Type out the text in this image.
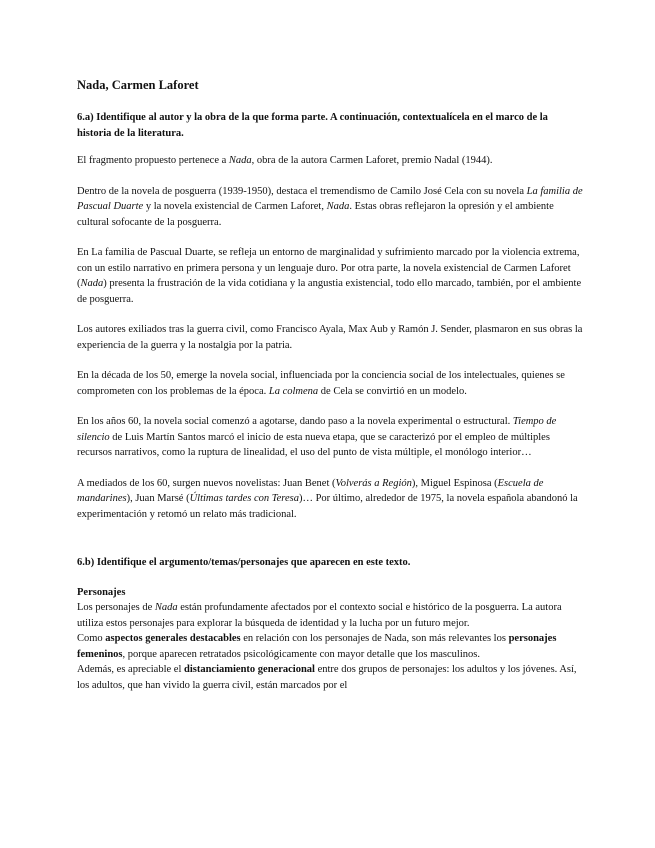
Nada, Carmen Laforet
6.a) Identifique al autor y la obra de la que forma parte. A continuación, contextualícela en el marco de la historia de la literatura.

El fragmento propuesto pertenece a Nada, obra de la autora Carmen Laforet, premio Nadal (1944).

Dentro de la novela de posguerra (1939-1950), destaca el tremendismo de Camilo José Cela con su novela La familia de Pascual Duarte y la novela existencial de Carmen Laforet, Nada. Estas obras reflejaron la opresión y el ambiente cultural sofocante de la posguerra.

En La familia de Pascual Duarte, se refleja un entorno de marginalidad y sufrimiento marcado por la violencia extrema, con un estilo narrativo en primera persona y un lenguaje duro. Por otra parte, la novela existencial de Carmen Laforet (Nada) presenta la frustración de la vida cotidiana y la angustia existencial, todo ello marcado, también, por el ambiente de posguerra.

Los autores exiliados tras la guerra civil, como Francisco Ayala, Max Aub y Ramón J. Sender, plasmaron en sus obras la experiencia de la guerra y la nostalgia por la patria.

En la década de los 50, emerge la novela social, influenciada por la conciencia social de los intelectuales, quienes se comprometen con los problemas de la época. La colmena de Cela se convirtió en un modelo.

En los años 60, la novela social comenzó a agotarse, dando paso a la novela experimental o estructural. Tiempo de silencio de Luis Martín Santos marcó el inicio de esta nueva etapa, que se caracterizó por el empleo de múltiples recursos narrativos, como la ruptura de linealidad, el uso del punto de vista múltiple, el monólogo interior…

A mediados de los 60, surgen nuevos novelistas: Juan Benet (Volverás a Región), Miguel Espinosa (Escuela de mandarines), Juan Marsé (Últimas tardes con Teresa)… Por último, alrededor de 1975, la novela española abandonó la experimentación y retomó un relato más tradicional.

6.b) Identifique el argumento/temas/personajes que aparecen en este texto.
Personajes

Los personajes de Nada están profundamente afectados por el contexto social e histórico de la posguerra. La autora utiliza estos personajes para explorar la búsqueda de identidad y la lucha por un futuro mejor.

Como aspectos generales destacables en relación con los personajes de Nada, son más relevantes los personajes femeninos, porque aparecen retratados psicológicamente con mayor detalle que los masculinos.

Además, es apreciable el distanciamiento generacional entre dos grupos de personajes: los adultos y los jóvenes. Así, los adultos, que han vivido la guerra civil, están marcados por el
